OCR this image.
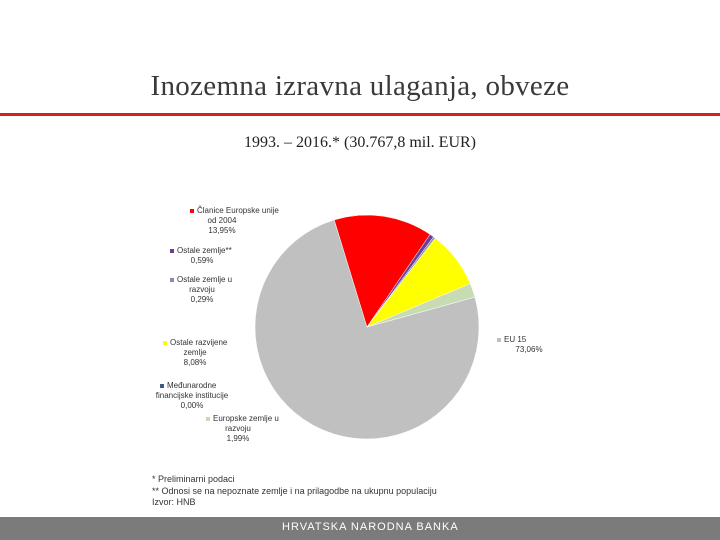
Inozemna izravna ulaganja, obveze
1993. – 2016.* (30.767,8 mil. EUR)
EU 15 73,06%
Članice Europske unije od 2004 13,95%
Ostale zemlje** 0,59%
Ostale zemlje u razvoju 0,29%
Ostale razvijene zemlje 8,08%
Međunarodne financijske institucije 0,00%
Europske zemlje u razvoju 1,99%
* Preliminarni podaci
** Odnosi se na nepoznate zemlje i na prilagodbe na ukupnu populaciju
Izvor: HNB
HRVATSKA NARODNA BANKA
